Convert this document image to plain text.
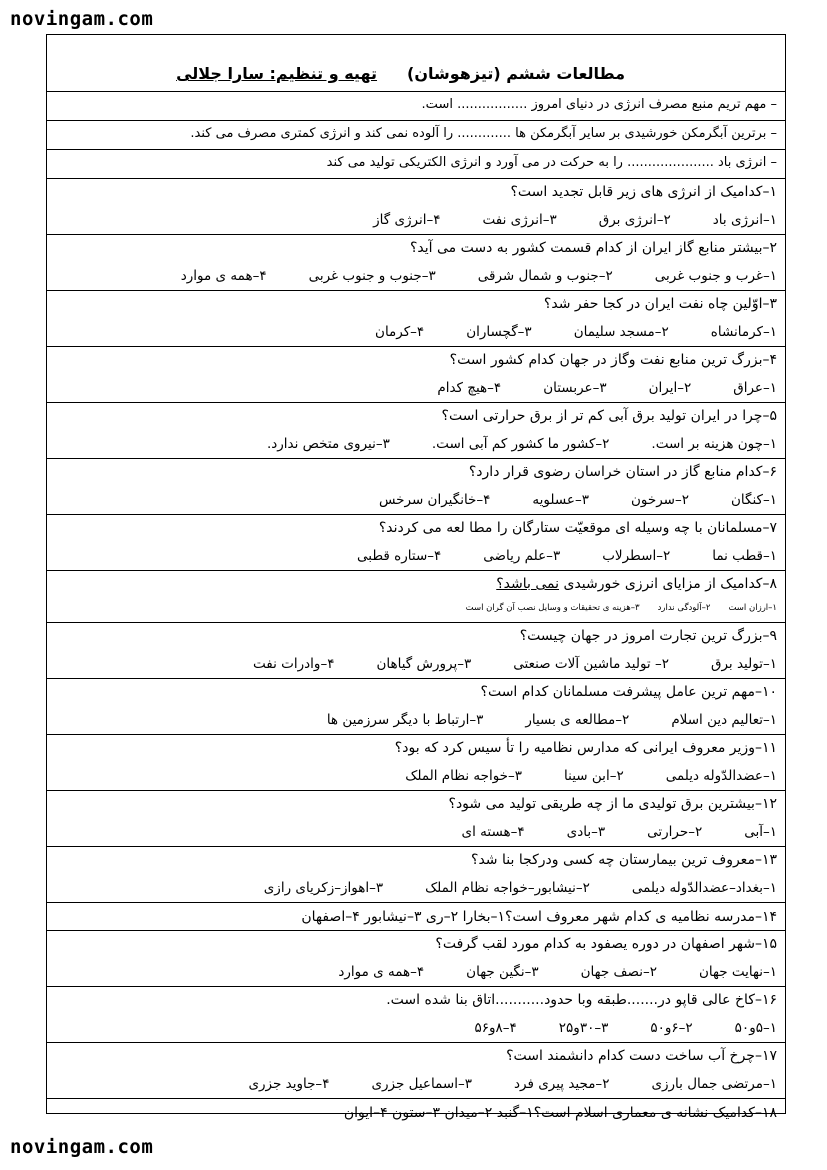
novingam.com
مطالعات ششم (تیزهوشان)تهیه و تنظیم: سارا جلالی
– مهم تریم منبع مصرف انرژی در دنیای امروز ................. است.
– برترین آبگرمکن خورشیدی بر سایر آبگرمکن ها ............. را آلوده نمی کند و انرژی کمتری مصرف می کند.
– انرژی باد ..................... را به حرکت در می آورد و انرژی الکتریکی تولید می کند
۱–کدامیک از انرژی های زیر قابل تجدید است؟
۱–انرژی باد
۲–انرژی برق
۳–انرژی نفت
۴–انرژی گاز
۲–بیشتر منابع گاز ایران از کدام قسمت کشور به دست می آید؟
۱–غرب و جنوب غربی
۲–جنوب و شمال شرقی
۳–جنوب و جنوب غربی
۴–همه ی موارد
۳–اوّلین چاه نفت ایران در کجا حفر شد؟
۱–کرمانشاه
۲–مسجد سلیمان
۳–گچساران
۴–کرمان
۴–بزرگ ترین منابع نفت وگاز در جهان کدام کشور است؟
۱–عراق
۲–ایران
۳–عربستان
۴–هیچ کدام
۵–چرا در ایران تولید برق آبی کم تر از برق حرارتی است؟
۱–چون هزینه بر است.
۲–کشور ما کشور کم آبی است.
۳–نیروی متخص ندارد.
۶–کدام منابع گاز در استان خراسان رضوی قرار دارد؟
۱–کنگان
۲–سرخون
۳–عسلویه
۴–خانگیران سرخس
۷–مسلمانان با چه وسیله ای موقعیّت ستارگان را مطا لعه می کردند؟
۱–قطب نما
۲–اسطرلاب
۳–علم ریاضی
۴–ستاره قطبی
۸–کدامیک از مزایای انرزی خورشیدی نمی باشد؟
۱–ارزان است
۲–آلودگی ندارد
۳–هزینه ی تحقیقات و وسایل نصب آن گران است
۹–بزرگ ترین تجارت امروز در جهان چیست؟
۱–تولید برق
۲– تولید ماشین آلات صنعتی
۳–پرورش گیاهان
۴–وادرات نفت
۱۰–مهم ترین عامل پیشرفت مسلمانان کدام است؟
۱–تعالیم دین اسلام
۲–مطالعه ی بسیار
۳–ارتباط با دیگر سرزمین ها
۱۱–وزیر معروف ایرانی که مدارس نظامیه را تأ سیس کرد که بود؟
۱–عضدالدّوله دیلمی
۲–ابن سینا
۳–خواجه نظام الملک
۱۲–بیشترین برق تولیدی ما از چه طریقی تولید می شود؟
۱–آبی
۲–حرارتی
۳–بادی
۴–هسته ای
۱۳–معروف ترین بیمارستان چه کسی ودرکجا بنا شد؟
۱–بغداد–عضدالدّوله دیلمی
۲–نیشابور–خواجه نظام الملک
۳–اهواز–زکریای رازی
۱۴–مدرسه نظامیه ی کدام شهر معروف است؟۱–بخارا ۲–ری ۳–نیشابور ۴–اصفهان
۱۵–شهر اصفهان در دوره یصفود به کدام مورد لقب گرفت؟
۱–نهایت جهان
۲–نصف جهان
۳–نگین جهان
۴–همه ی موارد
۱۶–کاخ عالی قاپو در.......طبقه وبا حدود...........اتاق بنا شده است.
۱–۵و۵۰
۲–۶و۵۰
۳–۳۰و۲۵
۴–۸و۵۶
۱۷–چرخ آب ساخت دست کدام دانشمند است؟
۱–مرتضی جمال بارزی
۲–مجید پیری فرد
۳–اسماعیل جزری
۴–جاوید جزری
۱۸–کدامیک نشانه ی معماری اسلام است؟۱–گنبد ۲–میدان ۳–ستون ۴–ایوان
novingam.com
